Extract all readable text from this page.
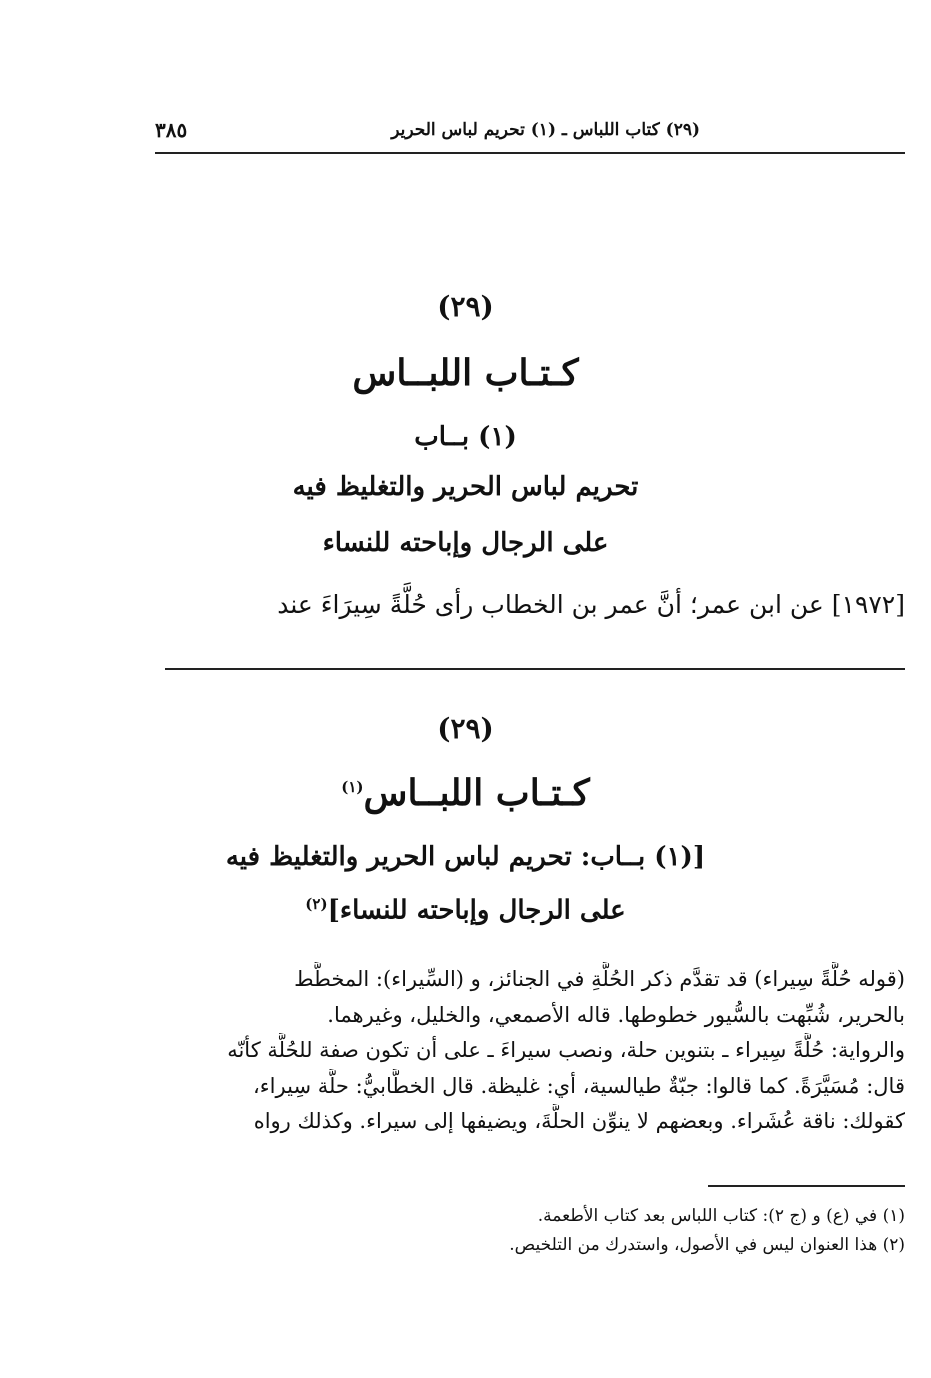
٣٨٥	(٢٩) كتاب اللباس ـ (١) تحريم لباس الحرير
(٢٩)
كـتـاب اللبــاس
(١) بــاب
تحريم لباس الحرير والتغليظ فيه
على الرجال وإباحته للنساء
[١٩٧٢] عن ابن عمر؛ أنَّ عمر بن الخطاب رأى حُلَّةً سِيرَاءَ عند
(٢٩)
كـتـاب اللبــاس$^{(١)}$
[(١) بــاب: تحريم لباس الحرير والتغليظ فيه
على الرجال وإباحته للنساء]$^{(٢)}$
(قوله حُلَّةً سِيراء) قد تقدَّم ذكر الحُلَّةِ في الجنائز، و (السِّيراء): المخطَّط
بالحرير، شُبِّهت بالسُّيور خطوطها. قاله الأصمعي، والخليل، وغيرهما.
والرواية: حُلَّةً سِيراء ـ بتنوين حلة، ونصب سيراءَ ـ على أن تكون صفة للحُلَّة كأنّه
قال: مُسَيَّرَةً. كما قالوا: جبّةٌ طيالسية، أي: غليظة. قال الخطَّابيُّ: حلَّة سِيراء،
كقولك: ناقة عُشَراء. وبعضهم لا ينوِّن الحلَّةَ، ويضيفها إلى سيراء. وكذلك رواه
(١) في (ع) و (ج ٢): كتاب اللباس بعد كتاب الأطعمة.
(٢) هذا العنوان ليس في الأصول، واستدرك من التلخيص.
